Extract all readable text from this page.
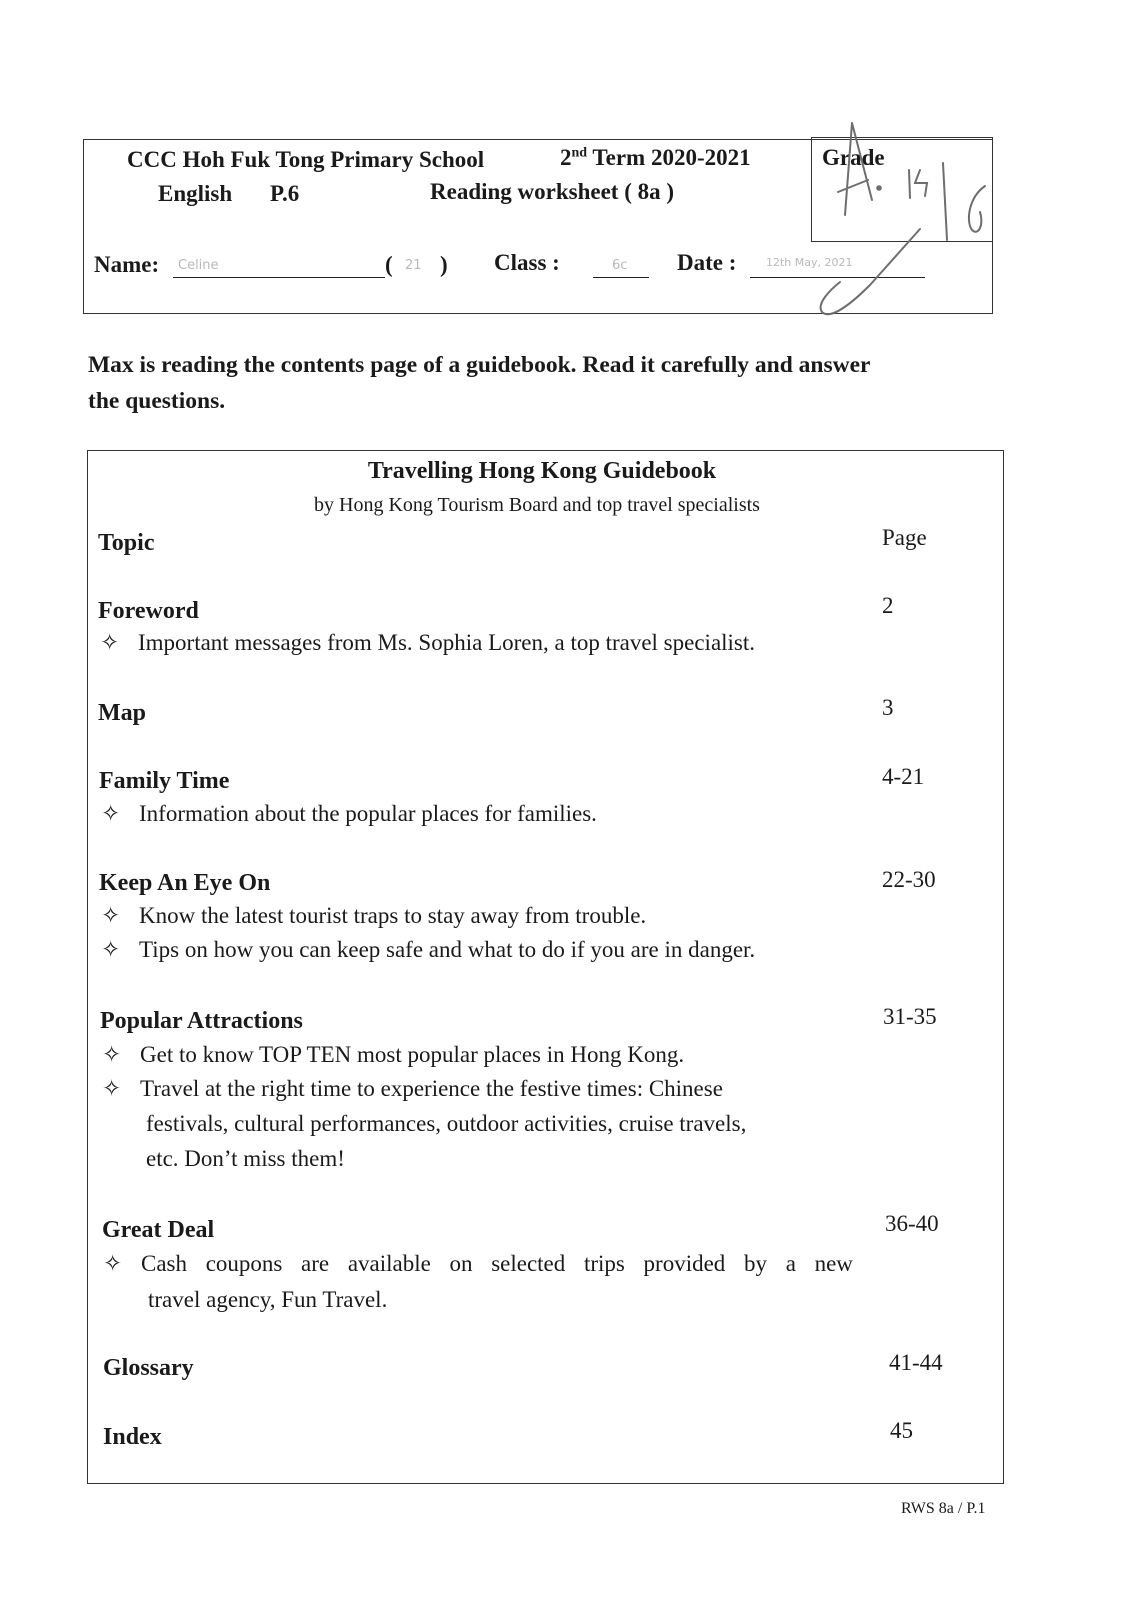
CCC Hoh Fuk Tong Primary School	2nd Term 2020-2021
English P.6	Reading worksheet ( 8a )
Grade
Name: Celine	( 21 ) Class :	6c Date :	12th May, 2021
Max is reading the contents page of a guidebook. Read it carefully and answer
the questions.
Travelling Hong Kong Guidebook
by Hong Kong Tourism Board and top travel specialists
Topic	Page
Foreword	2
✧ Important messages from Ms. Sophia Loren, a top travel specialist.
Map	3
Family Time	4-21
✧ Information about the popular places for families.
Keep An Eye On	22-30
✧ Know the latest tourist traps to stay away from trouble.
✧ Tips on how you can keep safe and what to do if you are in danger.
Popular Attractions	31-35
✧ Get to know TOP TEN most popular places in Hong Kong.
✧ Travel at the right time to experience the festive times: Chinese
festivals, cultural performances, outdoor activities, cruise travels,
etc. Don’t miss them!
Great Deal	36-40
✧ Cash coupons are available on selected trips provided by a new
travel agency, Fun Travel.
Glossary	41-44
Index	45
RWS 8a / P.1
